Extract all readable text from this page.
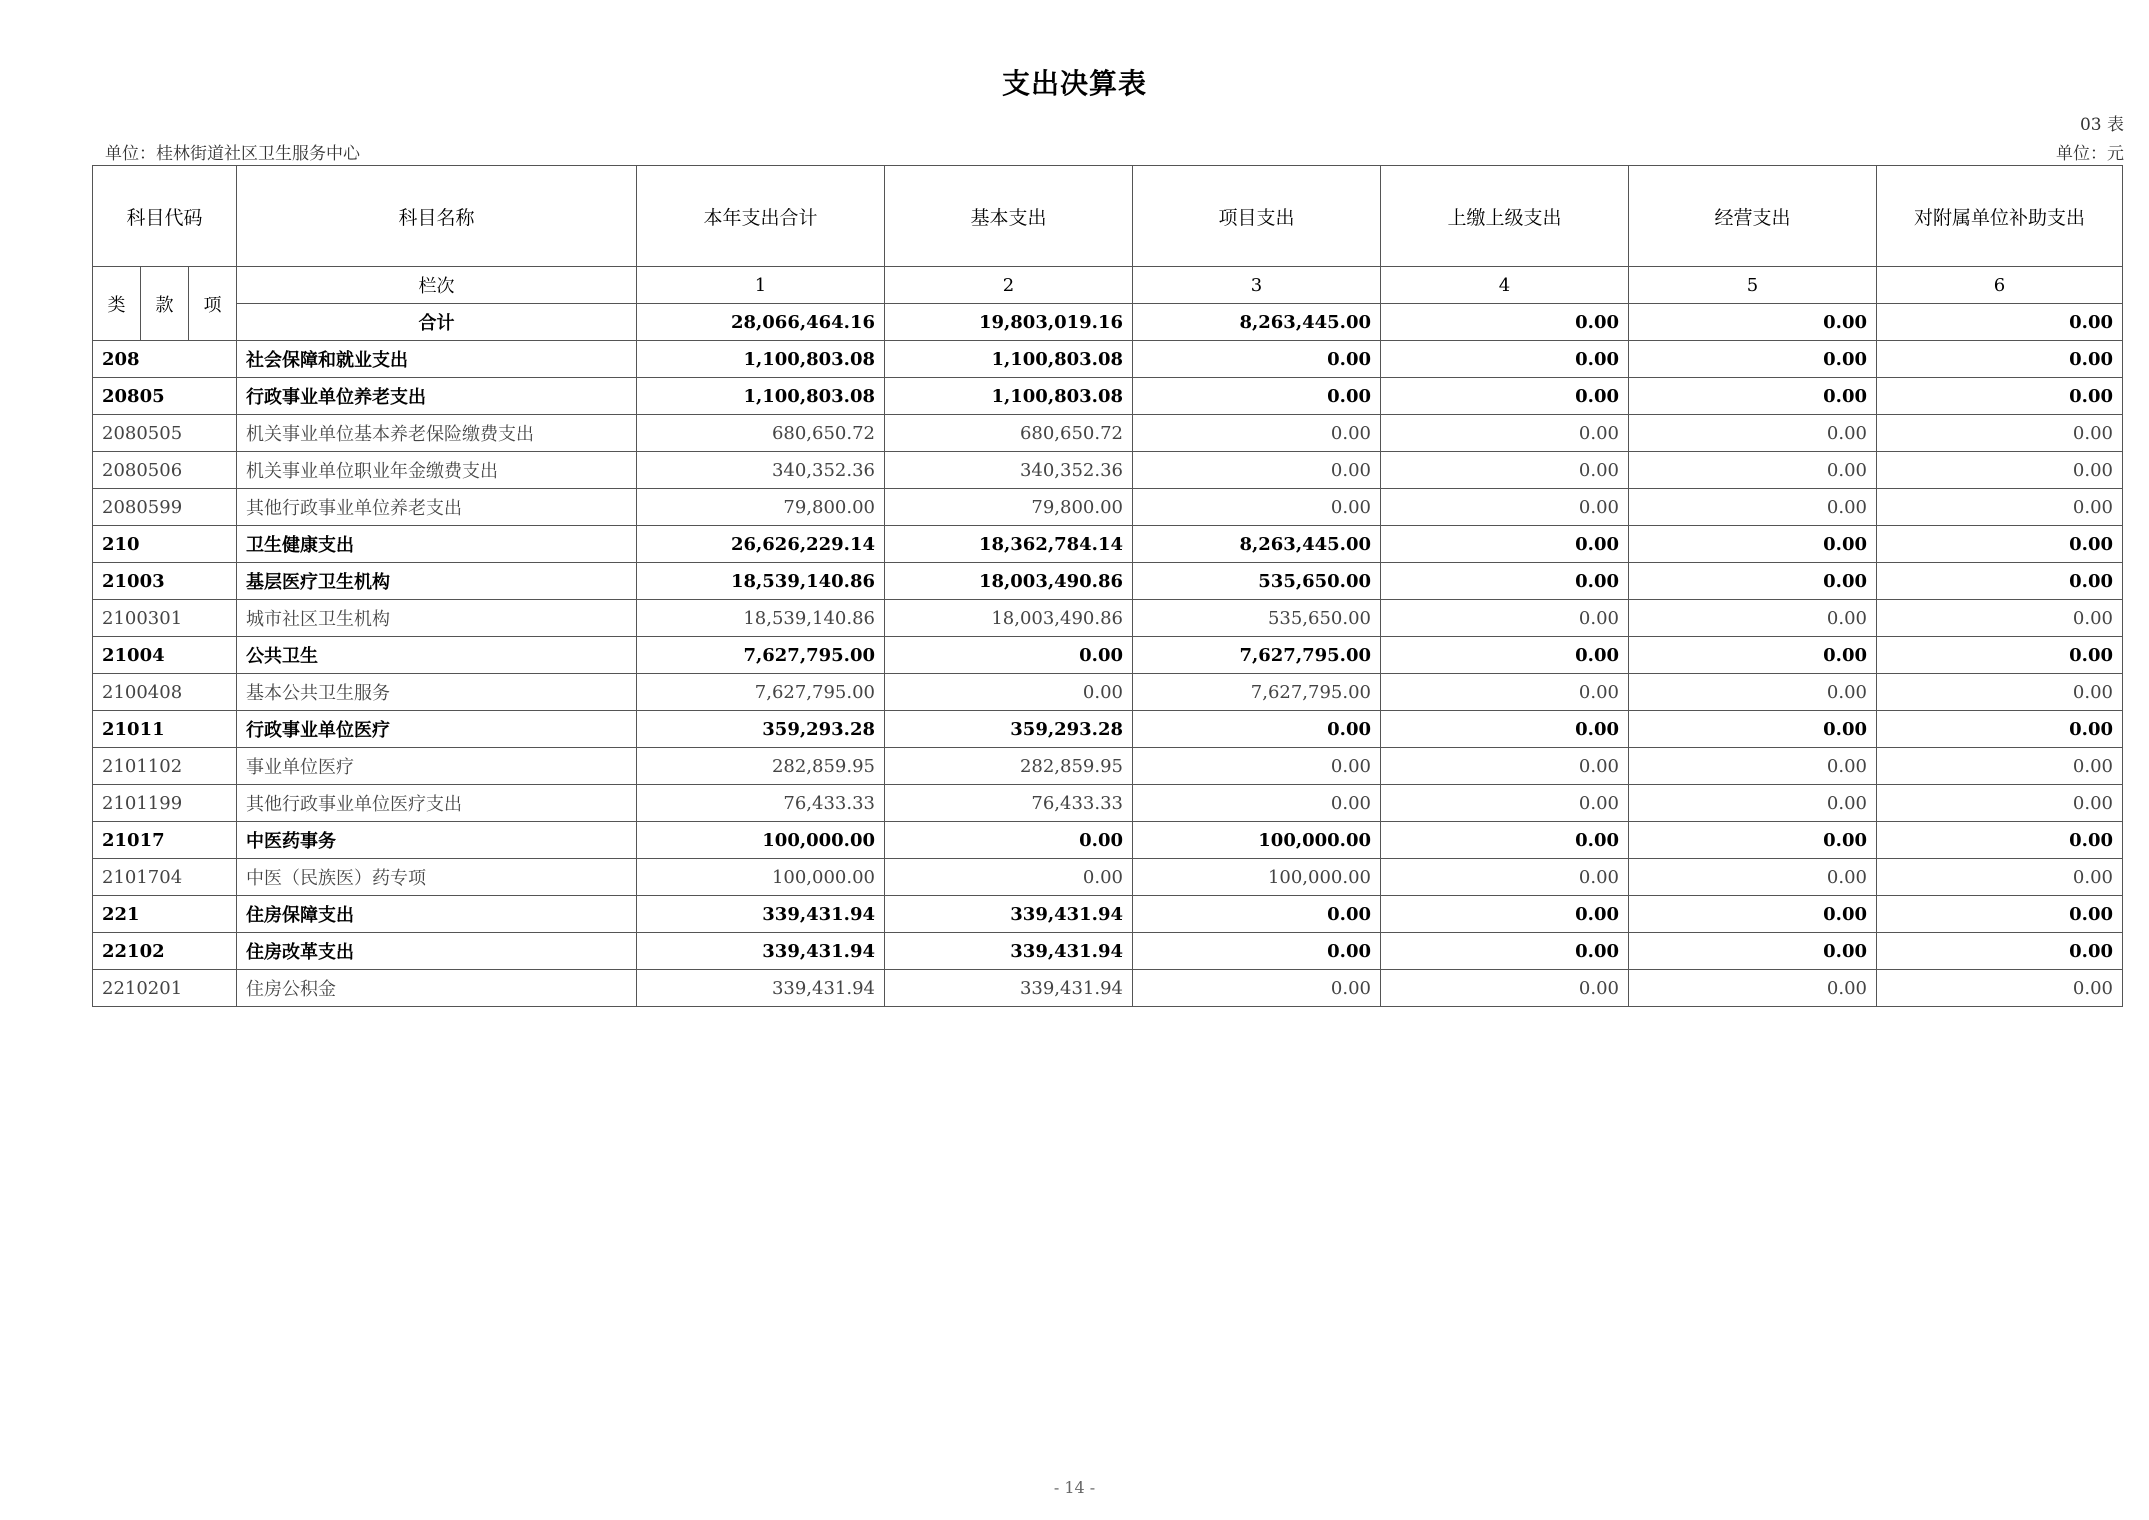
支出决算表
03 表
单位：桂林街道社区卫生服务中心	单位：元
科目代码			科目名称	本年支出合计	基本支出	项目支出	上缴上级支出	经营支出	对附属单位补助支出
类	款	项	栏次	1	2	3	4	5	6
			合计	28,066,464.16	19,803,019.16	8,263,445.00	0.00	0.00	0.00
208			社会保障和就业支出	1,100,803.08	1,100,803.08	0.00	0.00	0.00	0.00
20805			行政事业单位养老支出	1,100,803.08	1,100,803.08	0.00	0.00	0.00	0.00
2080505			机关事业单位基本养老保险缴费支出	680,650.72	680,650.72	0.00	0.00	0.00	0.00
2080506			机关事业单位职业年金缴费支出	340,352.36	340,352.36	0.00	0.00	0.00	0.00
2080599			其他行政事业单位养老支出	79,800.00	79,800.00	0.00	0.00	0.00	0.00
210			卫生健康支出	26,626,229.14	18,362,784.14	8,263,445.00	0.00	0.00	0.00
21003			基层医疗卫生机构	18,539,140.86	18,003,490.86	535,650.00	0.00	0.00	0.00
2100301			城市社区卫生机构	18,539,140.86	18,003,490.86	535,650.00	0.00	0.00	0.00
21004			公共卫生	7,627,795.00	0.00	7,627,795.00	0.00	0.00	0.00
2100408			基本公共卫生服务	7,627,795.00	0.00	7,627,795.00	0.00	0.00	0.00
21011			行政事业单位医疗	359,293.28	359,293.28	0.00	0.00	0.00	0.00
2101102			事业单位医疗	282,859.95	282,859.95	0.00	0.00	0.00	0.00
2101199			其他行政事业单位医疗支出	76,433.33	76,433.33	0.00	0.00	0.00	0.00
21017			中医药事务	100,000.00	0.00	100,000.00	0.00	0.00	0.00
2101704			中医（民族医）药专项	100,000.00	0.00	100,000.00	0.00	0.00	0.00
221			住房保障支出	339,431.94	339,431.94	0.00	0.00	0.00	0.00
22102			住房改革支出	339,431.94	339,431.94	0.00	0.00	0.00	0.00
2210201			住房公积金	339,431.94	339,431.94	0.00	0.00	0.00	0.00
- 14 -
